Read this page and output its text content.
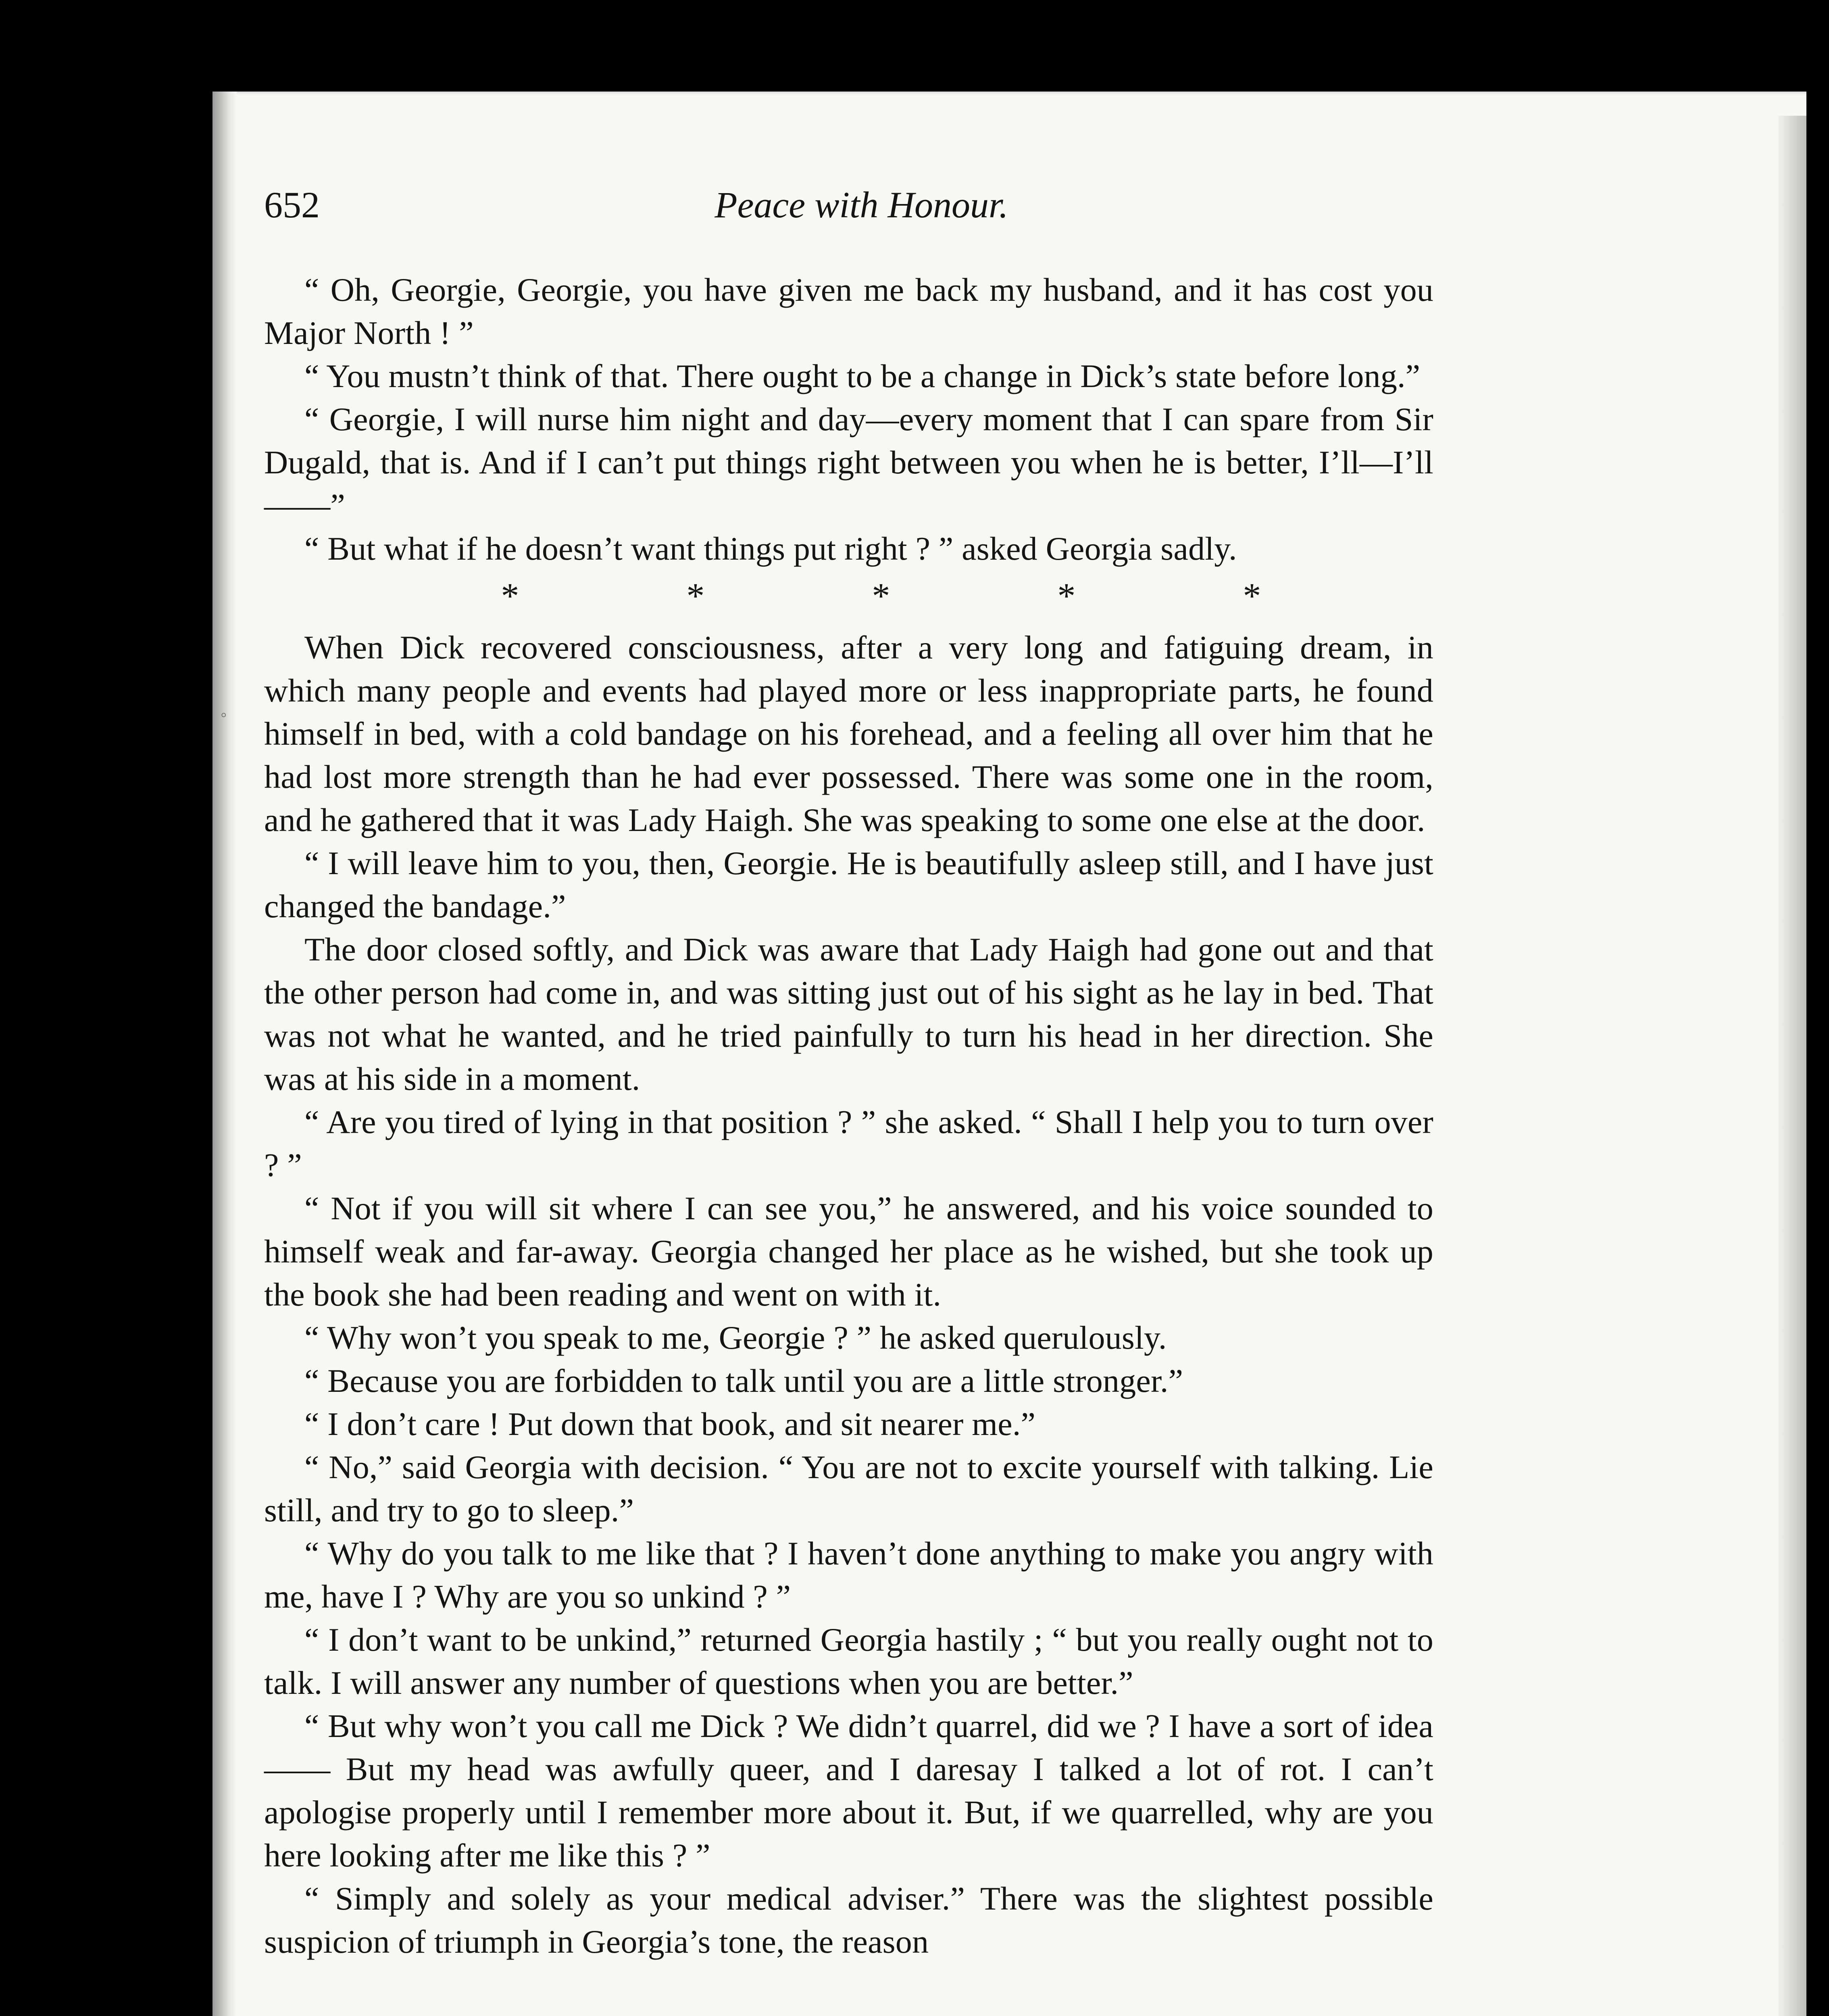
◦
652	Peace with Honour.

“ Oh, Georgie, Georgie, you have given me back my husband, and it has cost you Major North ! ”

“ You mustn’t think of that. There ought to be a change in Dick’s state before long.”

“ Georgie, I will nurse him night and day—every moment that I can spare from Sir Dugald, that is. And if I can’t put things right between you when he is better, I’ll—I’ll——”

“ But what if he doesn’t want things put right ? ” asked Georgia sadly.

*	*	*	*	*

When Dick recovered consciousness, after a very long and fatiguing dream, in which many people and events had played more or less inappropriate parts, he found himself in bed, with a cold bandage on his forehead, and a feeling all over him that he had lost more strength than he had ever possessed. There was some one in the room, and he gathered that it was Lady Haigh. She was speaking to some one else at the door.

“ I will leave him to you, then, Georgie. He is beautifully asleep still, and I have just changed the bandage.”

The door closed softly, and Dick was aware that Lady Haigh had gone out and that the other person had come in, and was sitting just out of his sight as he lay in bed. That was not what he wanted, and he tried painfully to turn his head in her direction. She was at his side in a moment.

“ Are you tired of lying in that position ? ” she asked. “ Shall I help you to turn over ? ”

“ Not if you will sit where I can see you,” he answered, and his voice sounded to himself weak and far-away. Georgia changed her place as he wished, but she took up the book she had been reading and went on with it.

“ Why won’t you speak to me, Georgie ? ” he asked querulously.

“ Because you are forbidden to talk until you are a little stronger.”

“ I don’t care ! Put down that book, and sit nearer me.”

“ No,” said Georgia with decision. “ You are not to excite yourself with talking. Lie still, and try to go to sleep.”

“ Why do you talk to me like that ? I haven’t done anything to make you angry with me, have I ? Why are you so unkind ? ”

“ I don’t want to be unkind,” returned Georgia hastily ; “ but you really ought not to talk. I will answer any number of questions when you are better.”

“ But why won’t you call me Dick ? We didn’t quarrel, did we ? I have a sort of idea—— But my head was awfully queer, and I daresay I talked a lot of rot. I can’t apologise properly until I remember more about it. But, if we quarrelled, why are you here looking after me like this ? ”

“ Simply and solely as your medical adviser.” There was the slightest possible suspicion of triumph in Georgia’s tone, the reason
